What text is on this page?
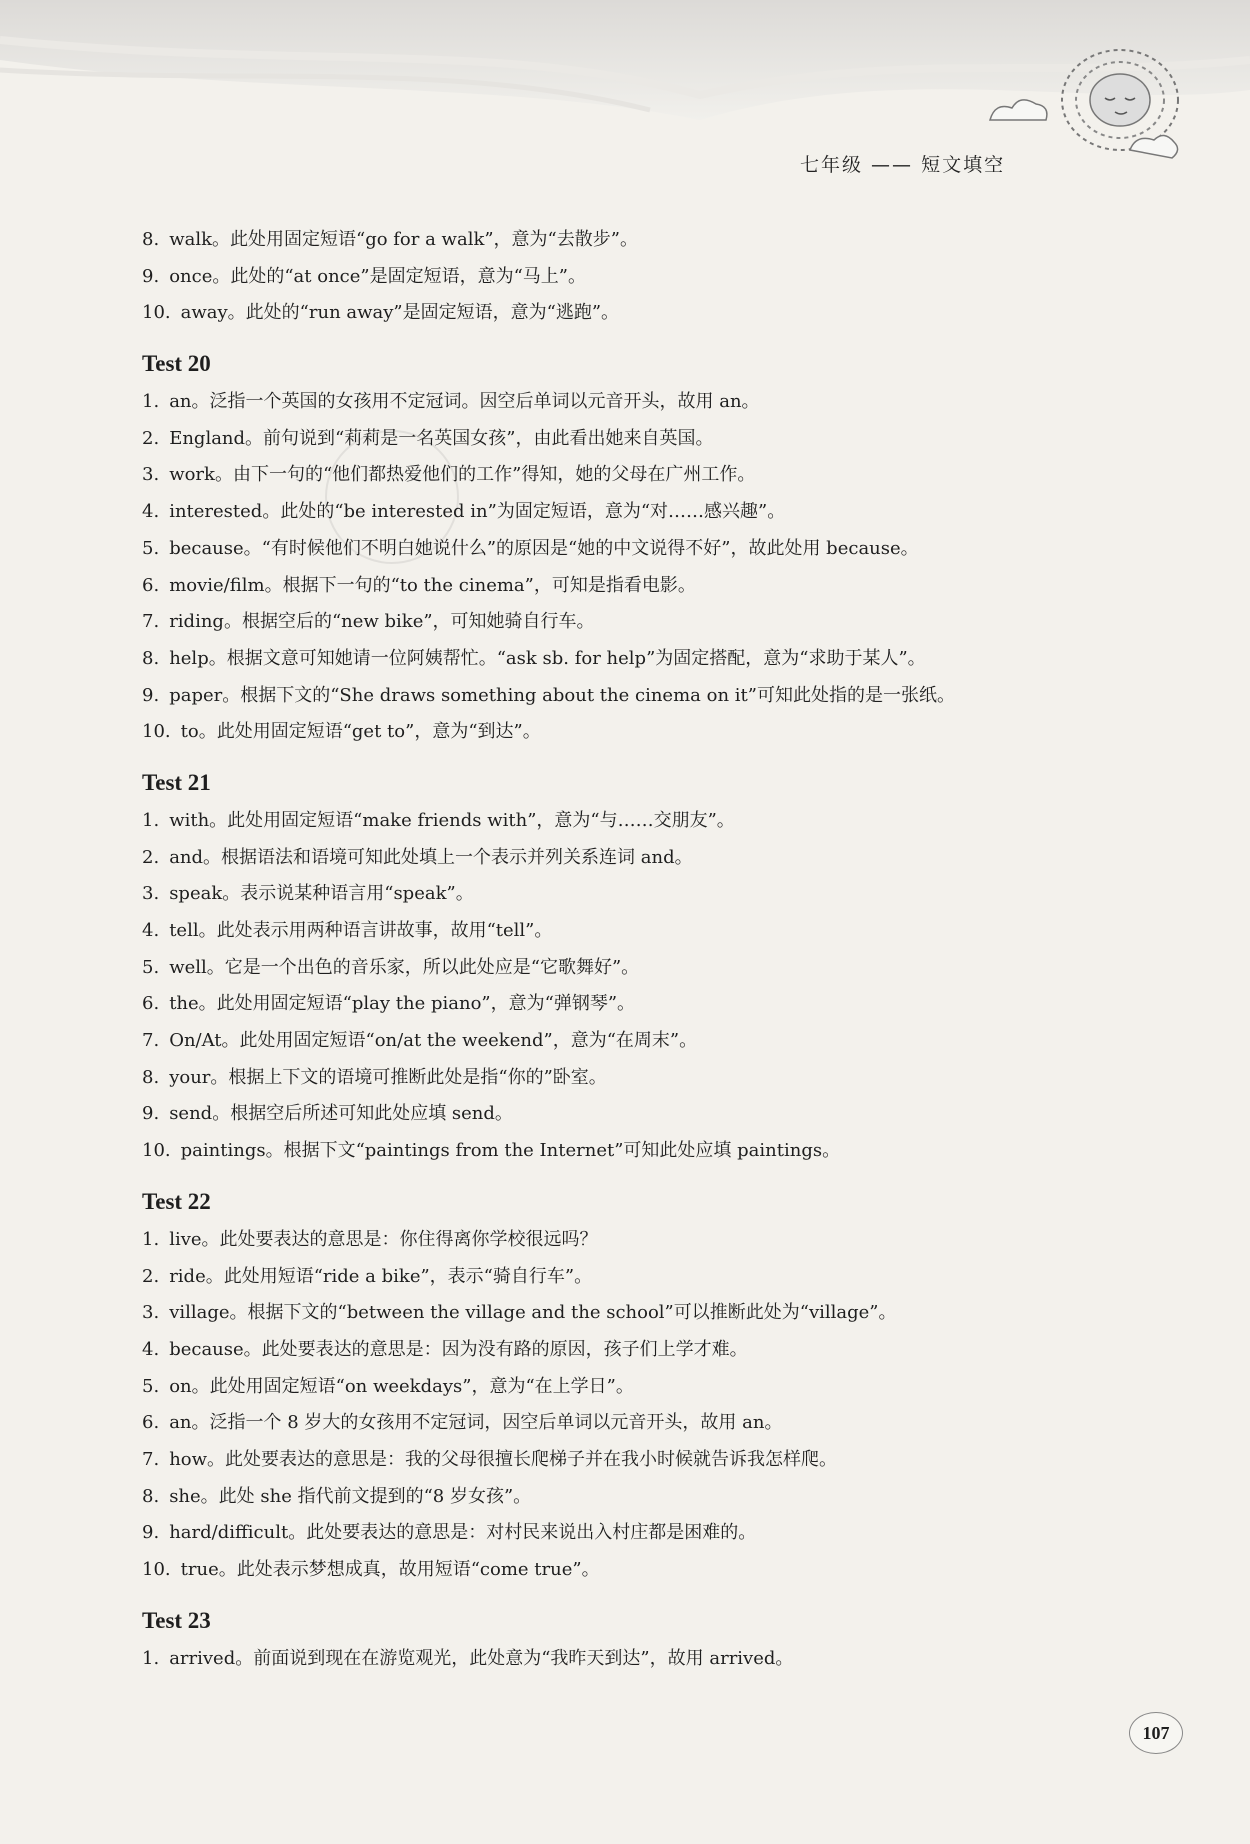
七年级 —— 短文填空
8. walk。此处用固定短语“go for a walk”，意为“去散步”。
9. once。此处的“at once”是固定短语，意为“马上”。
10. away。此处的“run away”是固定短语，意为“逃跑”。
Test 20
1. an。泛指一个英国的女孩用不定冠词。因空后单词以元音开头，故用 an。
2. England。前句说到“莉莉是一名英国女孩”，由此看出她来自英国。
3. work。由下一句的“他们都热爱他们的工作”得知，她的父母在广州工作。
4. interested。此处的“be interested in”为固定短语，意为“对……感兴趣”。
5. because。“有时候他们不明白她说什么”的原因是“她的中文说得不好”，故此处用 because。
6. movie/film。根据下一句的“to the cinema”，可知是指看电影。
7. riding。根据空后的“new bike”，可知她骑自行车。
8. help。根据文意可知她请一位阿姨帮忙。“ask sb. for help”为固定搭配，意为“求助于某人”。
9. paper。根据下文的“She draws something about the cinema on it”可知此处指的是一张纸。
10. to。此处用固定短语“get to”，意为“到达”。
Test 21
1. with。此处用固定短语“make friends with”，意为“与……交朋友”。
2. and。根据语法和语境可知此处填上一个表示并列关系连词 and。
3. speak。表示说某种语言用“speak”。
4. tell。此处表示用两种语言讲故事，故用“tell”。
5. well。它是一个出色的音乐家，所以此处应是“它歌舞好”。
6. the。此处用固定短语“play the piano”，意为“弹钢琴”。
7. On/At。此处用固定短语“on/at the weekend”，意为“在周末”。
8. your。根据上下文的语境可推断此处是指“你的”卧室。
9. send。根据空后所述可知此处应填 send。
10. paintings。根据下文“paintings from the Internet”可知此处应填 paintings。
Test 22
1. live。此处要表达的意思是：你住得离你学校很远吗？
2. ride。此处用短语“ride a bike”，表示“骑自行车”。
3. village。根据下文的“between the village and the school”可以推断此处为“village”。
4. because。此处要表达的意思是：因为没有路的原因，孩子们上学才难。
5. on。此处用固定短语“on weekdays”，意为“在上学日”。
6. an。泛指一个 8 岁大的女孩用不定冠词，因空后单词以元音开头，故用 an。
7. how。此处要表达的意思是：我的父母很擅长爬梯子并在我小时候就告诉我怎样爬。
8. she。此处 she 指代前文提到的“8 岁女孩”。
9. hard/difficult。此处要表达的意思是：对村民来说出入村庄都是困难的。
10. true。此处表示梦想成真，故用短语“come true”。
Test 23
1. arrived。前面说到现在在游览观光，此处意为“我昨天到达”，故用 arrived。
107
